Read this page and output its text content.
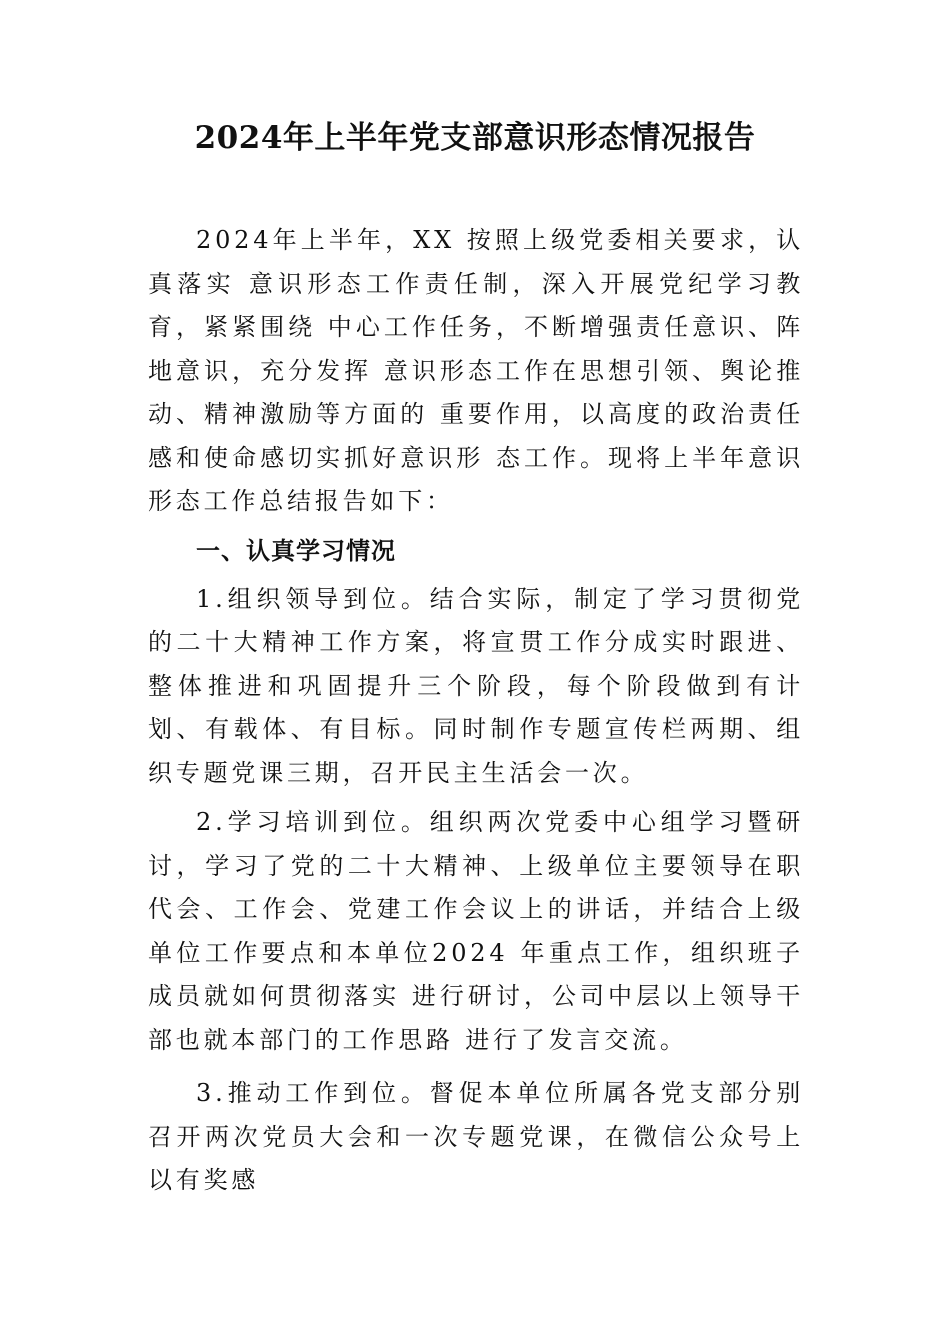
2024年上半年党支部意识形态情况报告

2024年上半年，XX 按照上级党委相关要求，认真落实 意识形态工作责任制，深入开展党纪学习教育，紧紧围绕 中心工作任务，不断增强责任意识、阵地意识，充分发挥 意识形态工作在思想引领、舆论推动、精神激励等方面的 重要作用，以高度的政治责任感和使命感切实抓好意识形 态工作。现将上半年意识形态工作总结报告如下：

一、认真学习情况

1.组织领导到位。结合实际，制定了学习贯彻党的二十大精神工作方案，将宣贯工作分成实时跟进、整体推进和巩固提升三个阶段，每个阶段做到有计划、有载体、有目标。同时制作专题宣传栏两期、组织专题党课三期，召开民主生活会一次。

2.学习培训到位。组织两次党委中心组学习暨研讨，学习了党的二十大精神、上级单位主要领导在职代会、工作会、党建工作会议上的讲话，并结合上级单位工作要点和本单位2024 年重点工作，组织班子成员就如何贯彻落实 进行研讨，公司中层以上领导干部也就本部门的工作思路 进行了发言交流。

3.推动工作到位。督促本单位所属各党支部分别召开两次党员大会和一次专题党课，在微信公众号上以有奖感
